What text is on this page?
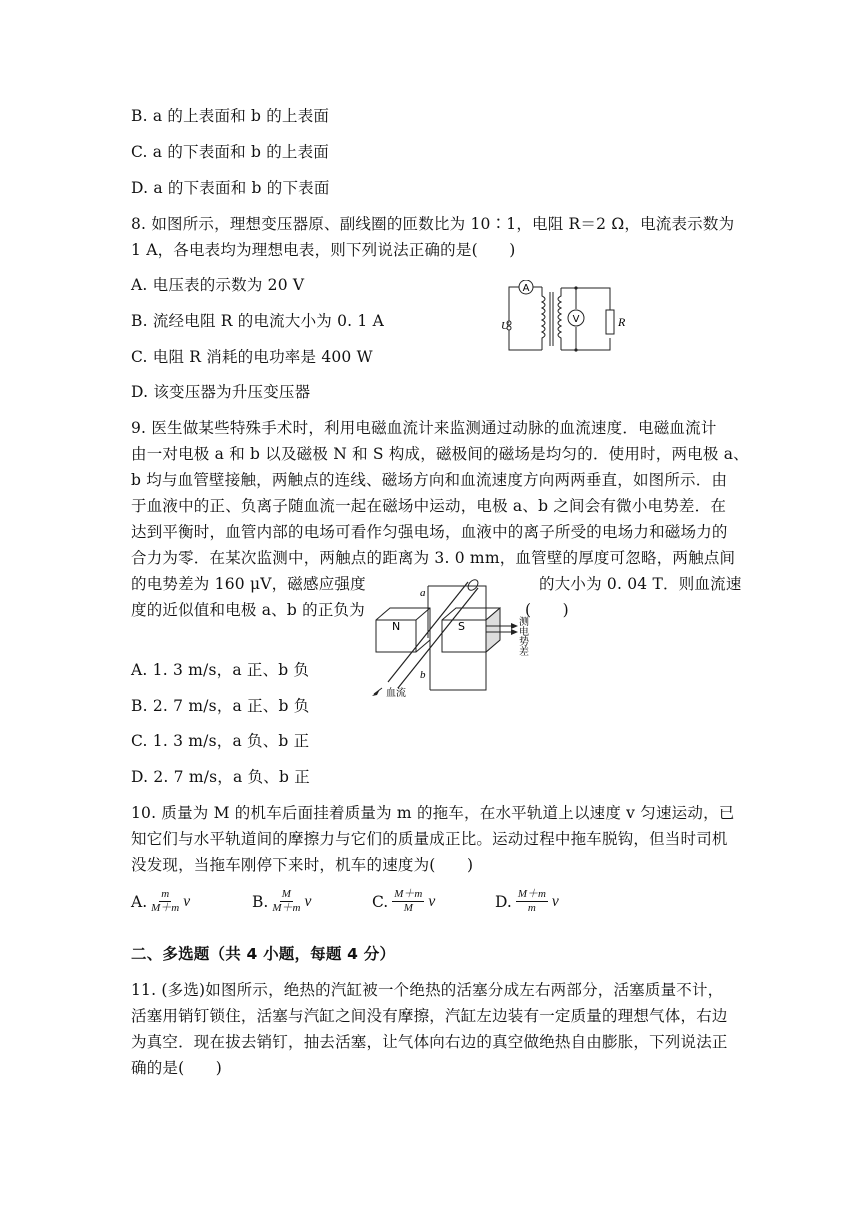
B. a 的上表面和 b 的上表面
C. a 的下表面和 b 的上表面
D. a 的下表面和 b 的下表面
8. 如图所示，理想变压器原、副线圈的匝数比为 10∶1，电阻 R＝2 Ω，电流表示数为
1 A，各电表均为理想电表，则下列说法正确的是(　　)
A. 电压表的示数为 20 V
B. 流经电阻 R 的电流大小为 0. 1 A
C. 电阻 R 消耗的电功率是 400 W
D. 该变压器为升压变压器
A
V
U	R
9. 医生做某些特殊手术时，利用电磁血流计来监测通过动脉的血流速度．电磁血流计
由一对电极 a 和 b 以及磁极 N 和 S 构成，磁极间的磁场是均匀的．使用时，两电极 a、
b 均与血管壁接触，两触点的连线、磁场方向和血流速度方向两两垂直，如图所示．由
于血液中的正、负离子随血流一起在磁场中运动，电极 a、b 之间会有微小电势差．在
达到平衡时，血管内部的电场可看作匀强电场，血液中的离子所受的电场力和磁场力的
合力为零．在某次监测中，两触点的距离为 3. 0 mm，血管壁的厚度可忽略，两触点间
的电势差为 160 μV，磁感应强度	的大小为 0. 04 T．则血流速
度的近似值和电极 a、b 的正负为	(　　)
A. 1. 3 m/s，a 正、b 负
B. 2. 7 m/s，a 正、b 负
C. 1. 3 m/s，a 负、b 正
D. 2. 7 m/s，a 负、b 正
N	S
a
b
血流
测电势差
10. 质量为 M 的机车后面挂着质量为 m 的拖车，在水平轨道上以速度 v 匀速运动，已
知它们与水平轨道间的摩擦力与它们的质量成正比。运动过程中拖车脱钩，但当时司机
没发现，当拖车刚停下来时，机车的速度为(　　)
A. $\frac{m}{M+m}$ v	B. $\frac{M}{M+m}$ v	C. $\frac{M+m}{M}$ v	D. $\frac{M+m}{m}$ v
二、多选题（共 4 小题，每题 4 分）
11. (多选)如图所示，绝热的汽缸被一个绝热的活塞分成左右两部分，活塞质量不计，
活塞用销钉锁住，活塞与汽缸之间没有摩擦，汽缸左边装有一定质量的理想气体，右边
为真空．现在拔去销钉，抽去活塞，让气体向右边的真空做绝热自由膨胀，下列说法正
确的是(　　)
